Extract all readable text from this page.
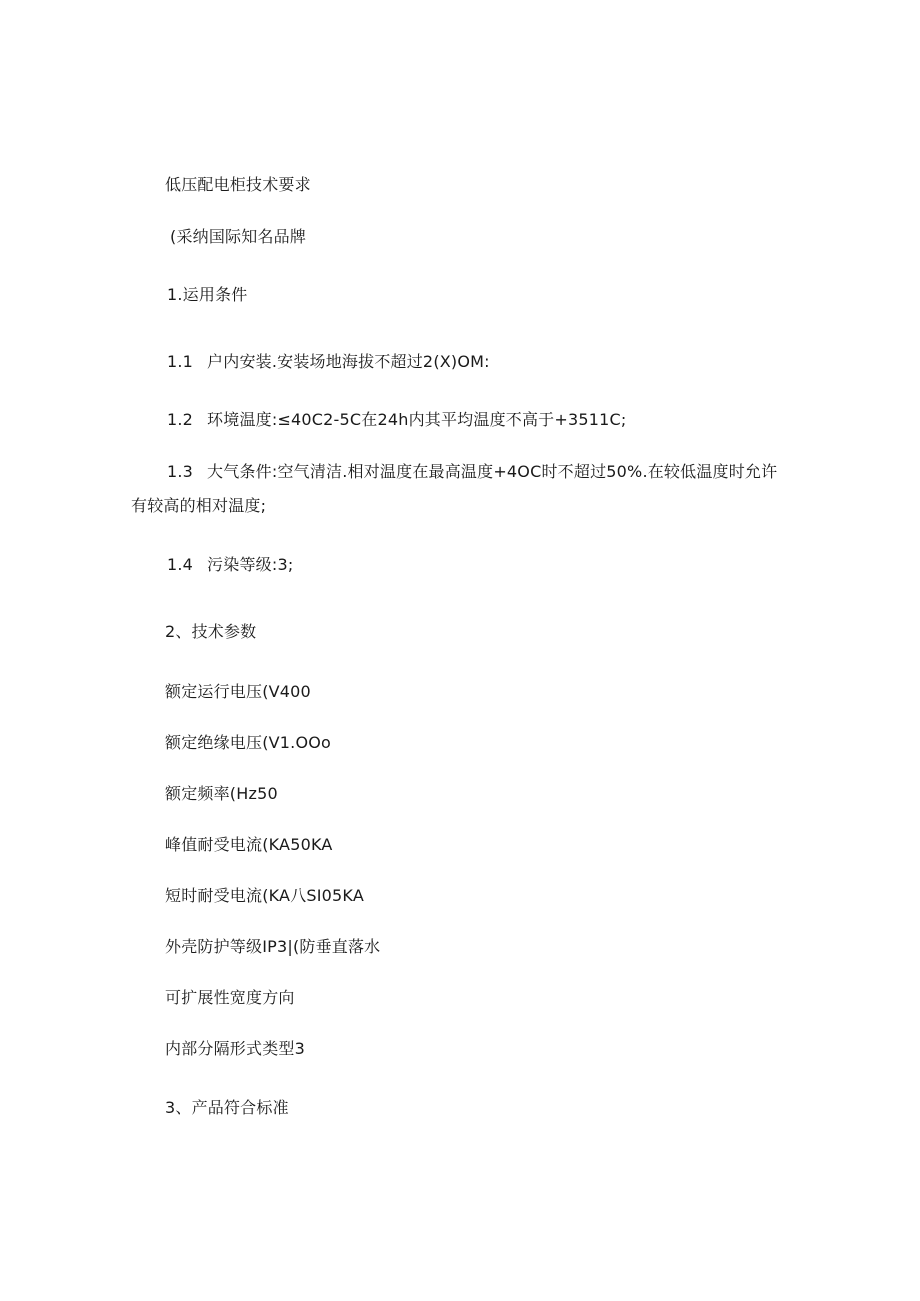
低压配电柜技术要求
(采纳国际知名品牌
1.运用条件
1.1 户内安装.安装场地海拔不超过2(X)OM:
1.2 环境温度:≤40C2-5C在24h内其平均温度不高于+3511C;
1.3 大气条件:空气清洁.相对温度在最高温度+4OC时不超过50%.在较低温度时允许
有较高的相对温度;
1.4 污染等级:3;
2、技术参数
额定运行电压(V400
额定绝缘电压(V1.OOo
额定频率(Hz50
峰值耐受电流(KA50KA
短时耐受电流(KA八SI05KA
外壳防护等级IP3|(防垂直落水
可扩展性宽度方向
内部分隔形式类型3
3、产品符合标准
